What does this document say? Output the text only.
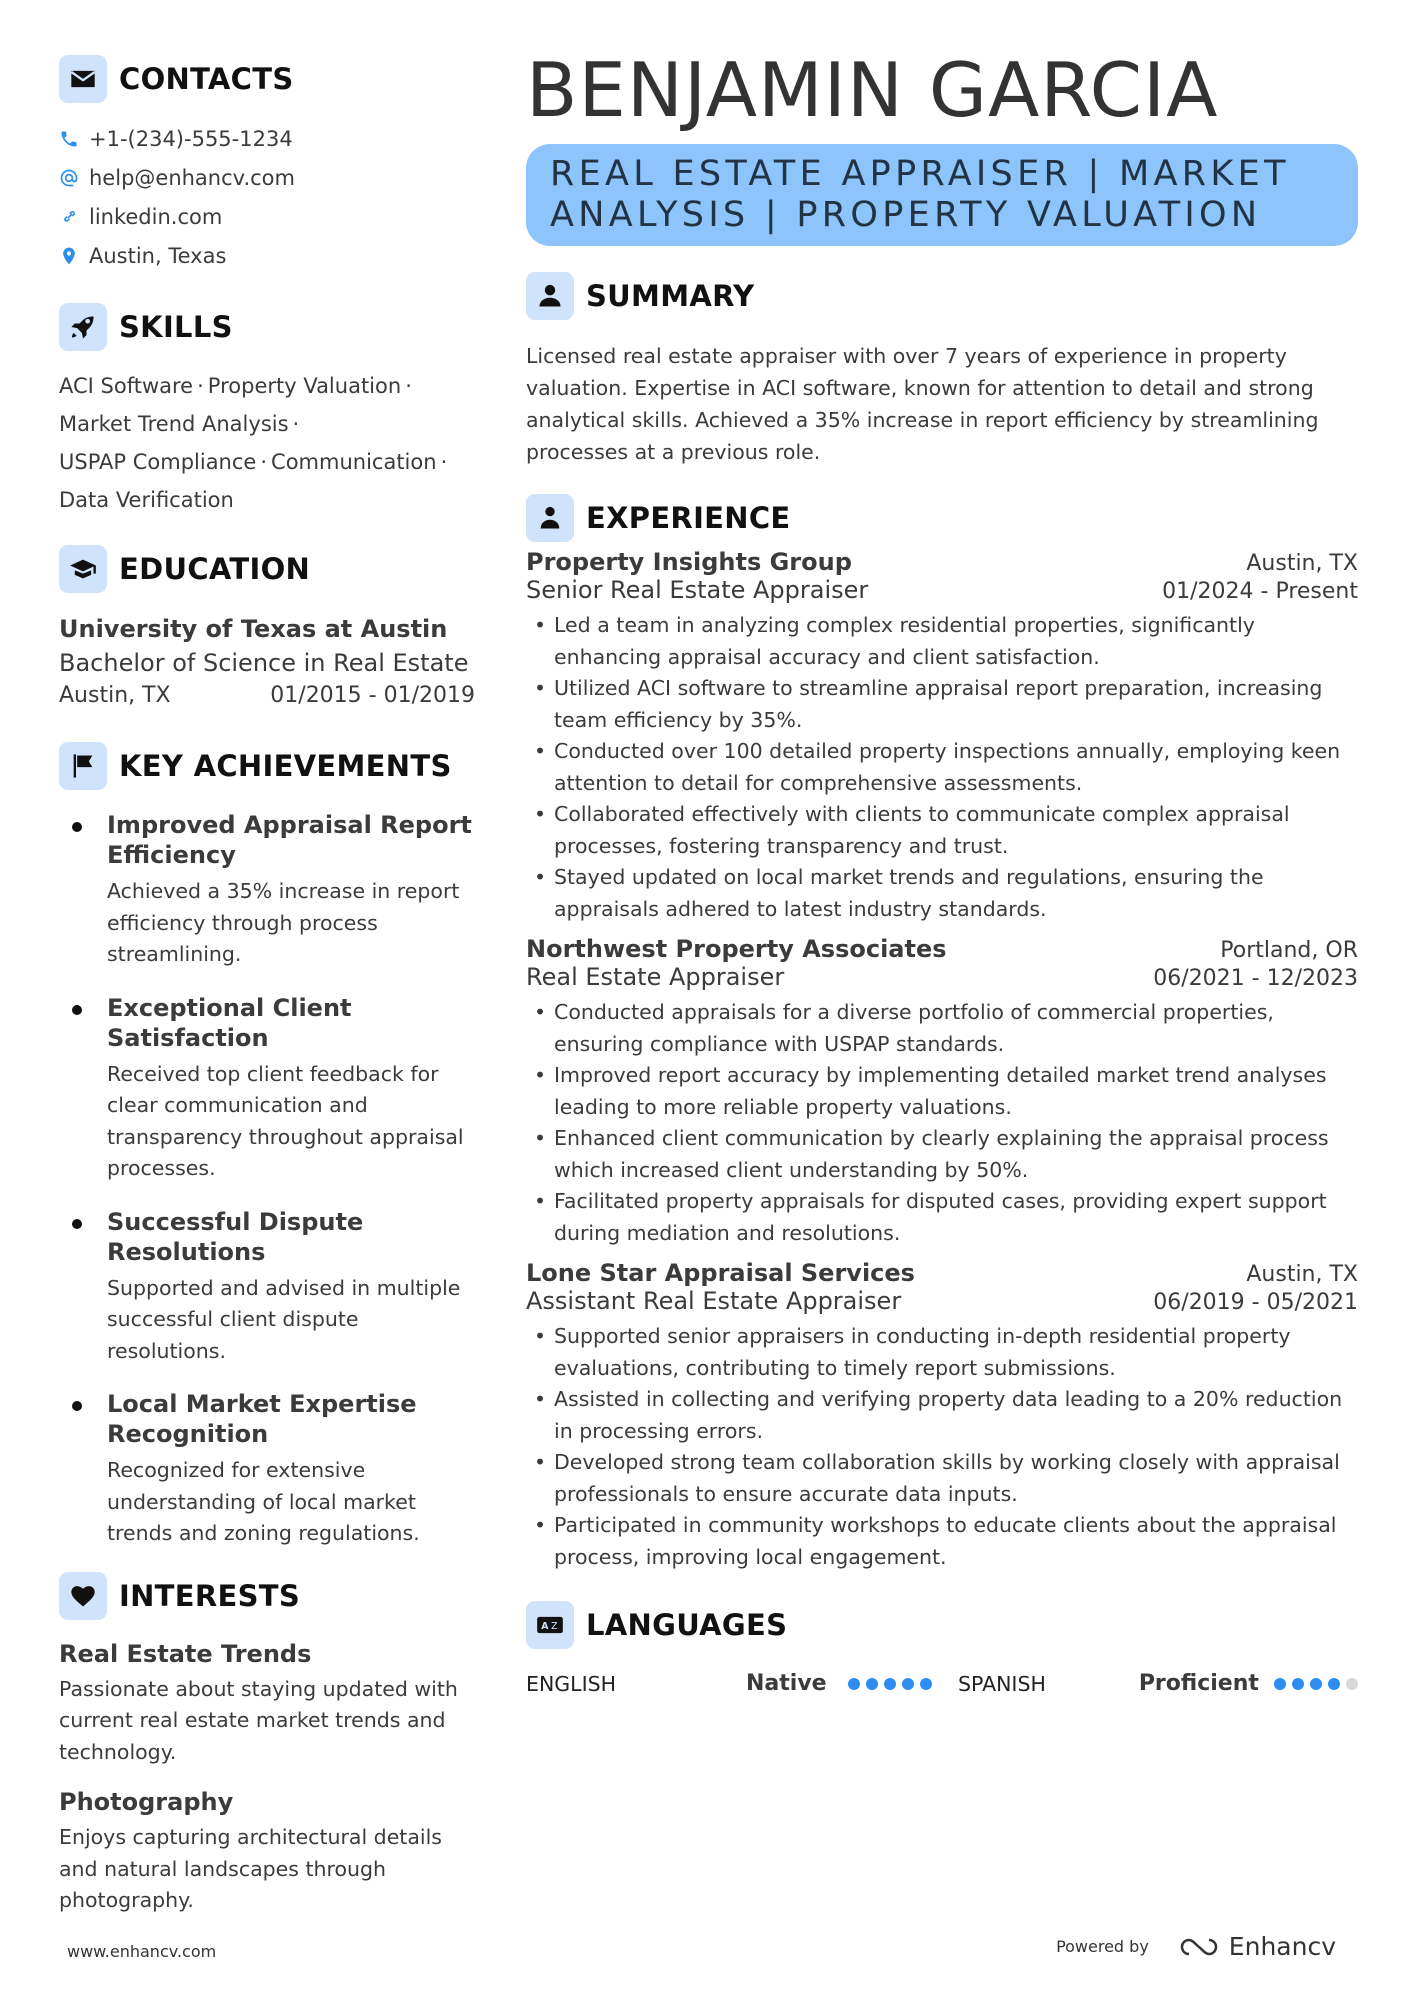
CONTACTS
+1-(234)-555-1234
help@enhancv.com
linkedin.com
Austin, Texas
SKILLS
ACI Software · Property Valuation ·
Market Trend Analysis ·
USPAP Compliance · Communication ·
Data Verification
EDUCATION
University of Texas at Austin
Bachelor of Science in Real Estate
Austin, TX	01/2015 - 01/2019
KEY ACHIEVEMENTS
Improved Appraisal Report Efficiency
Achieved a 35% increase in report efficiency through process streamlining.
Exceptional Client Satisfaction
Received top client feedback for clear communication and transparency throughout appraisal processes.
Successful Dispute Resolutions
Supported and advised in multiple successful client dispute resolutions.
Local Market Expertise Recognition
Recognized for extensive understanding of local market trends and zoning regulations.
INTERESTS
Real Estate Trends
Passionate about staying updated with current real estate market trends and technology.
Photography
Enjoys capturing architectural details and natural landscapes through photography.
BENJAMIN GARCIA
REAL ESTATE APPRAISER | MARKET ANALYSIS | PROPERTY VALUATION
SUMMARY
Licensed real estate appraiser with over 7 years of experience in property valuation. Expertise in ACI software, known for attention to detail and strong analytical skills. Achieved a 35% increase in report efficiency by streamlining processes at a previous role.
EXPERIENCE
Property Insights Group	Austin, TX
Senior Real Estate Appraiser	01/2024 - Present
• Led a team in analyzing complex residential properties, significantly enhancing appraisal accuracy and client satisfaction.
• Utilized ACI software to streamline appraisal report preparation, increasing team efficiency by 35%.
• Conducted over 100 detailed property inspections annually, employing keen attention to detail for comprehensive assessments.
• Collaborated effectively with clients to communicate complex appraisal processes, fostering transparency and trust.
• Stayed updated on local market trends and regulations, ensuring the appraisals adhered to latest industry standards.
Northwest Property Associates	Portland, OR
Real Estate Appraiser	06/2021 - 12/2023
• Conducted appraisals for a diverse portfolio of commercial properties, ensuring compliance with USPAP standards.
• Improved report accuracy by implementing detailed market trend analyses leading to more reliable property valuations.
• Enhanced client communication by clearly explaining the appraisal process which increased client understanding by 50%.
• Facilitated property appraisals for disputed cases, providing expert support during mediation and resolutions.
Lone Star Appraisal Services	Austin, TX
Assistant Real Estate Appraiser	06/2019 - 05/2021
• Supported senior appraisers in conducting in-depth residential property evaluations, contributing to timely report submissions.
• Assisted in collecting and verifying property data leading to a 20% reduction in processing errors.
• Developed strong team collaboration skills by working closely with appraisal professionals to ensure accurate data inputs.
• Participated in community workshops to educate clients about the appraisal process, improving local engagement.
A Z LANGUAGES
ENGLISH	Native	SPANISH	Proficient
www.enhancv.com	Powered by	Enhancv
